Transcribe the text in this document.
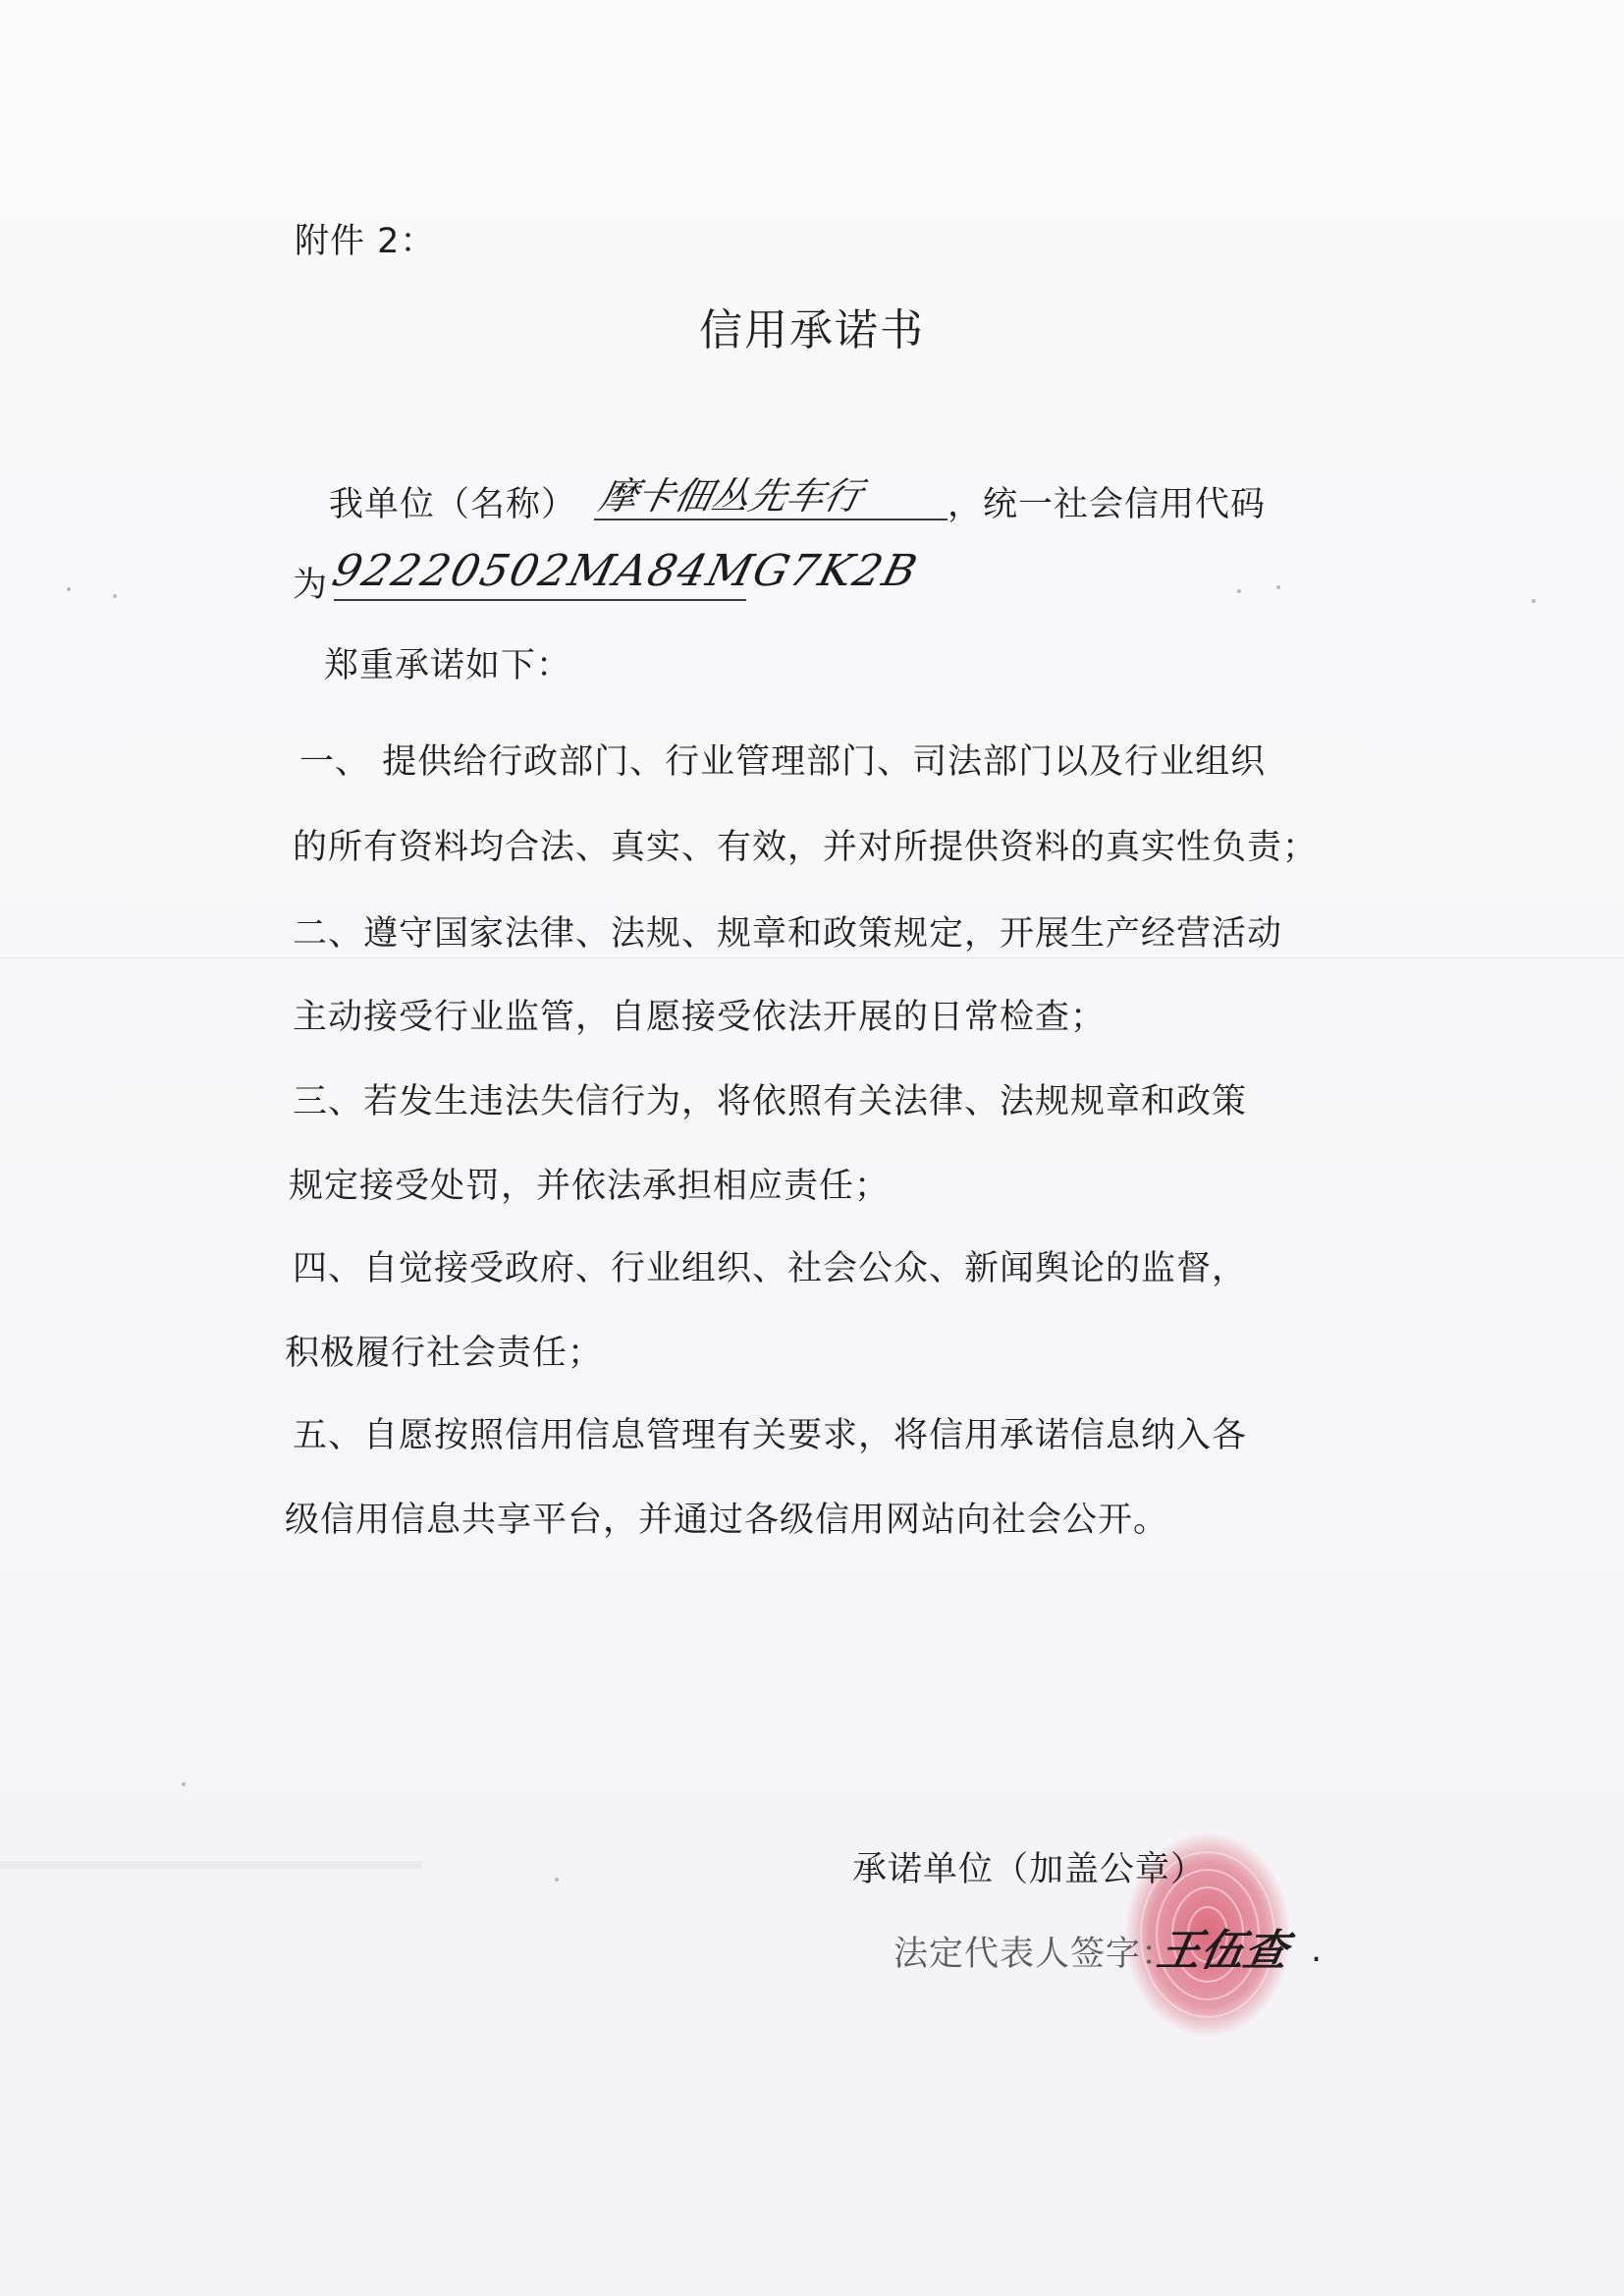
附件 2：
信用承诺书
我单位（名称） 摩卡佃丛先车行 ，统一社会信用代码
为 92220502MA84MG7K2B
郑重承诺如下：
一、 提供给行政部门、行业管理部门、司法部门以及行业组织
的所有资料均合法、真实、有效，并对所提供资料的真实性负责；
二、遵守国家法律、法规、规章和政策规定，开展生产经营活动
主动接受行业监管，自愿接受依法开展的日常检查；
三、若发生违法失信行为，将依照有关法律、法规规章和政策
规定接受处罚，并依法承担相应责任；
四、自觉接受政府、行业组织、社会公众、新闻舆论的监督，
积极履行社会责任；
五、自愿按照信用信息管理有关要求，将信用承诺信息纳入各
级信用信息共享平台，并通过各级信用网站向社会公开。
承诺单位（加盖公章）
法定代表人签字：
王伍查 .
